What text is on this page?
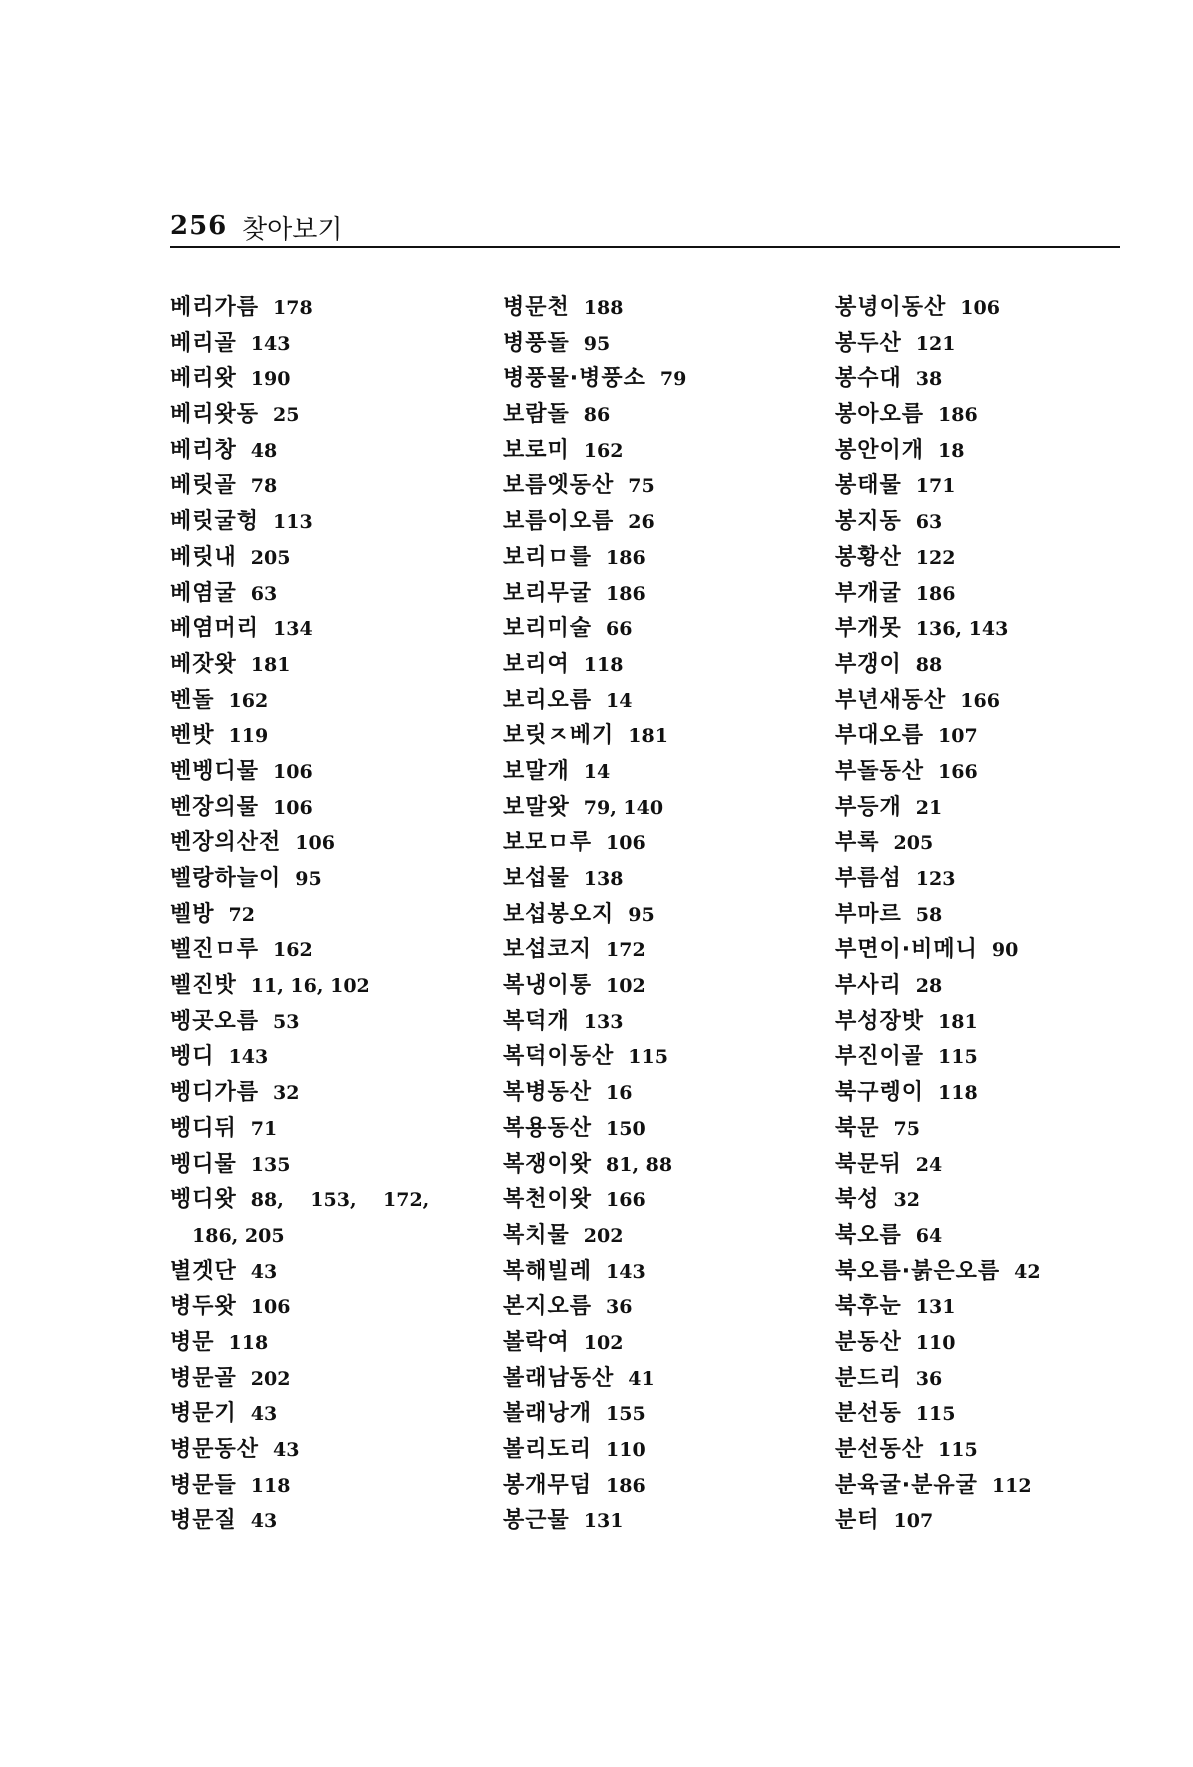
256 찾아보기
베리가름 178
베리골 143
베리왓 190
베리왓동 25
베리창 48
베릿골 78
베릿굴헝 113
베릿내 205
베염굴 63
베염머리 134
베잣왓 181
벤돌 162
벤밧 119
벤벵디물 106
벤장의물 106
벤장의산전 106
벨랑하늘이 95
벨방 72
벨진ㅁ루 162
벨진밧 11, 16, 102
벵곳오름 53
벵디 143
벵디가름 32
벵디뒤 71
벵디물 135
벵디왓 88,    153,    172,
186, 205
별겟단 43
병두왓 106
병문 118
병문골 202
병문기 43
병문동산 43
병문들 118
병문질 43
병문천 188
병풍돌 95
병풍물·병풍소 79
보람돌 86
보로미 162
보름엣동산 75
보름이오름 26
보리ㅁ를 186
보리무굴 186
보리미술 66
보리여 118
보리오름 14
보릿ㅈ베기 181
보말개 14
보말왓 79, 140
보모ㅁ루 106
보섭물 138
보섭봉오지 95
보섭코지 172
복냉이통 102
복덕개 133
복덕이동산 115
복병동산 16
복용동산 150
복쟁이왓 81, 88
복천이왓 166
복치물 202
복해빌레 143
본지오름 36
볼락여 102
볼래남동산 41
볼래낭개 155
볼리도리 110
봉개무덤 186
봉근물 131
봉녕이동산 106
봉두산 121
봉수대 38
봉아오름 186
봉안이개 18
봉태물 171
봉지동 63
봉황산 122
부개굴 186
부개못 136, 143
부갱이 88
부년새동산 166
부대오름 107
부돌동산 166
부등개 21
부록 205
부름섬 123
부마르 58
부면이·비메니 90
부사리 28
부성장밧 181
부진이골 115
북구렝이 118
북문 75
북문뒤 24
북성 32
북오름 64
북오름·붉은오름 42
북후눈 131
분동산 110
분드리 36
분선동 115
분선동산 115
분육굴·분유굴 112
분터 107
